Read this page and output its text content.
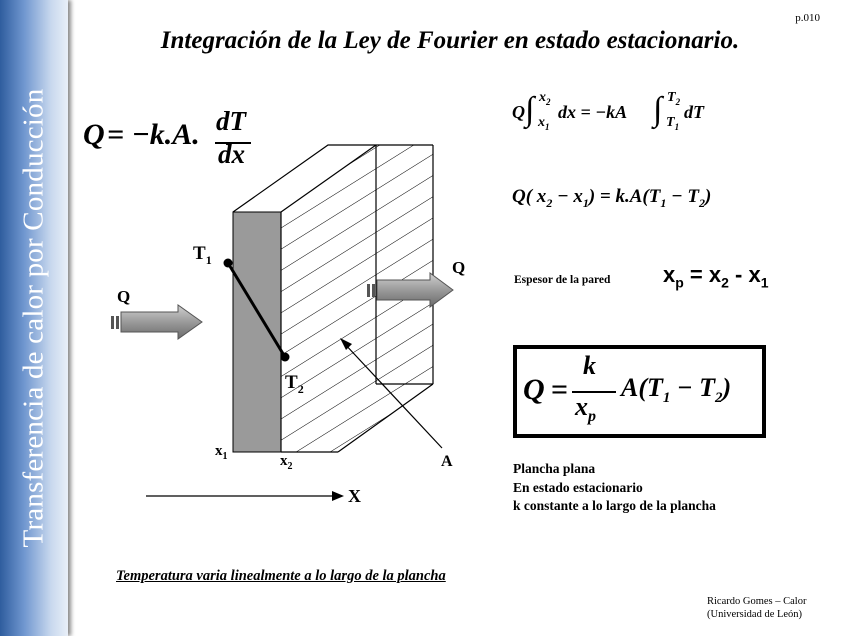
Transferencia de calor por Conducción
p.010
Integración de la Ley de Fourier en estado estacionario.
Q = −k.A. dT
dx
Q
Q
$T_1$
$T_2$
$x_1$	$x_2$	A
X
Q ∫ $x_2$
$x_1$
dx = −kA ∫ $T_2$
$T_1$
dT
Q( $x_2 - x_1) = k.A(T_1 - T_2)$
Espesor de la pared $x_p = x_2 - x_1$
Q =
k
$x_p$
$A(T_1 - T_2)$
Plancha plana
En estado estacionario
k constante a lo largo de la plancha
Temperatura varia linealmente a lo largo de la plancha
Ricardo Gomes – Calor
(Universidad de León)
